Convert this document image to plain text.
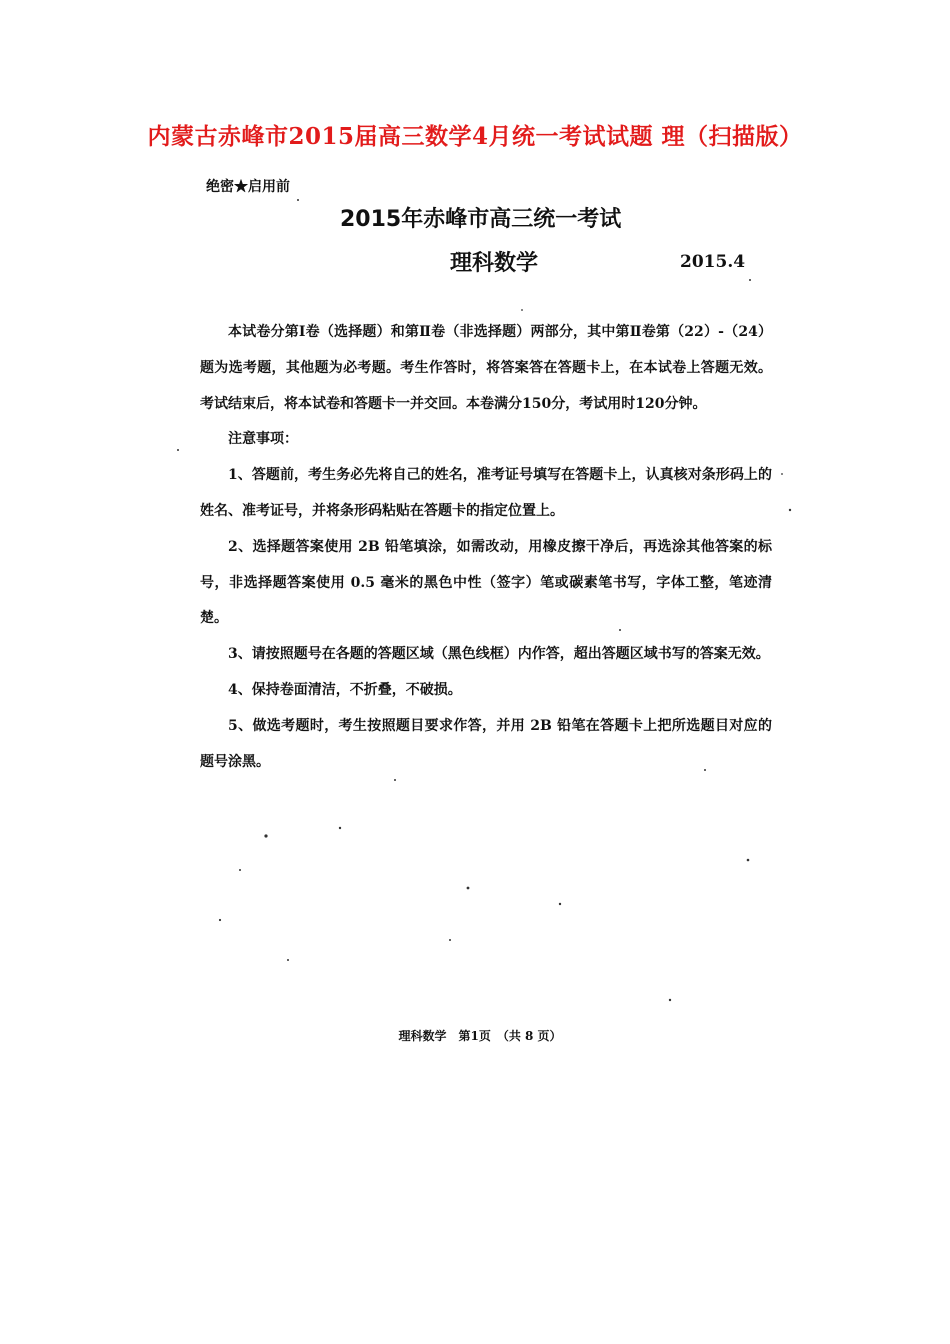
内蒙古赤峰市2015届高三数学4月统一考试试题 理（扫描版）
绝密★启用前
2015年赤峰市高三统一考试
理科数学	2015.4

本试卷分第Ⅰ卷（选择题）和第Ⅱ卷（非选择题）两部分，其中第Ⅱ卷第（22）-（24）题为选考题，其他题为必考题。考生作答时，将答案答在答题卡上，在本试卷上答题无效。考试结束后，将本试卷和答题卡一并交回。本卷满分150分，考试用时120分钟。

注意事项：

1、答题前，考生务必先将自己的姓名，准考证号填写在答题卡上，认真核对条形码上的姓名、准考证号，并将条形码粘贴在答题卡的指定位置上。

2、选择题答案使用 2B 铅笔填涂，如需改动，用橡皮擦干净后，再选涂其他答案的标号，非选择题答案使用 0.5 毫米的黑色中性（签字）笔或碳素笔书写，字体工整，笔迹清楚。

3、请按照题号在各题的答题区域（黑色线框）内作答，超出答题区域书写的答案无效。

4、保持卷面清洁，不折叠，不破损。

5、做选考题时，考生按照题目要求作答，并用 2B 铅笔在答题卡上把所选题目对应的题号涂黑。

理科数学　第1页　（共 8 页）
